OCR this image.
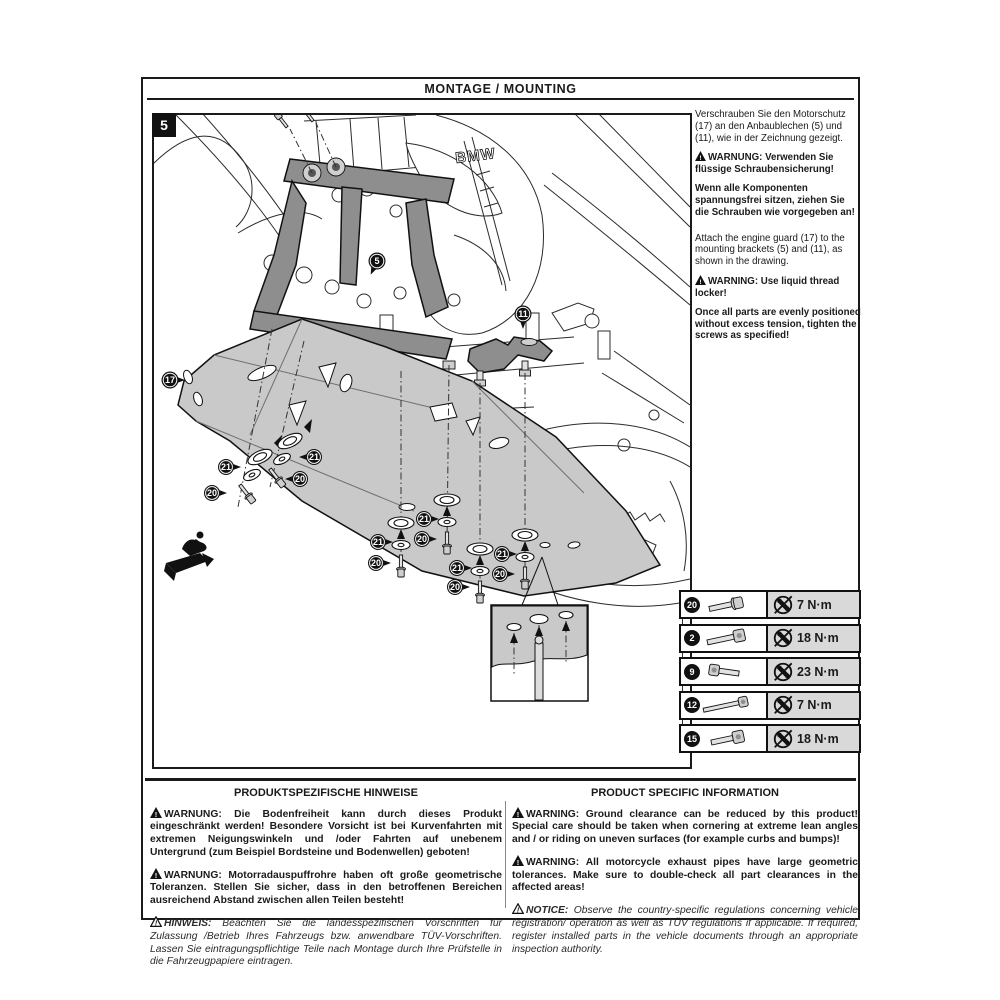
MONTAGE / MOUNTING
5
BMW
17
5
11
21
20
21
20
21
20
21
20
21
20
21
20

Verschrauben Sie den Motorschutz (17) an den Anbaublechen (5) und (11), wie in der Zeichnung gezeigt.

! WARNUNG: Verwenden Sie flüssige Schraubensicherung!

Wenn alle Komponenten spannungsfrei sitzen, ziehen Sie die Schrauben wie vorgegeben an!

Attach the engine guard (17) to the mounting brackets (5) and (11), as shown in the drawing.

! WARNING: Use liquid thread locker!

Once all parts are evenly positioned without excess tension, tighten the screws as specified!

20	7 N·m
2	18 N·m
9	23 N·m
12	7 N·m
15	18 N·m
PRODUKTSPEZIFISCHE HINWEISE

! WARNUNG: Die Bodenfreiheit kann durch dieses Produkt eingeschränkt werden! Besondere Vorsicht ist bei Kurvenfahrten mit extremen Neigungswinkeln und /oder Fahrten auf unebenem Untergrund (zum Beispiel Bordsteine und Bodenwellen) geboten!

! WARNUNG: Motorradauspuffrohre haben oft große geometrische Toleranzen. Stellen Sie sicher, dass in den betroffenen Bereichen ausreichend Abstand zwischen allen Teilen besteht!

! HINWEIS: Beachten Sie die landesspezifischen Vorschriften für Zulassung /Betrieb Ihres Fahrzeugs bzw. anwendbare TÜV-Vorschriften. Lassen Sie eintragungspflichtige Teile nach Montage durch Ihre Prüfstelle in die Fahrzeugpapiere eintragen.

PRODUCT SPECIFIC INFORMATION

! WARNING: Ground clearance can be reduced by this product! Special care should be taken when cornering at extreme lean angles and / or riding on uneven surfaces (for example curbs and bumps)!

! WARNING: All motorcycle exhaust pipes have large geometric tolerances. Make sure to double-check all part clearances in the affected areas!

! NOTICE: Observe the country-specific regulations concerning vehicle registration/ operation as well as TÜV regulations if applicable. If required, register installed parts in the vehicle documents through an appropriate inspection authority.
